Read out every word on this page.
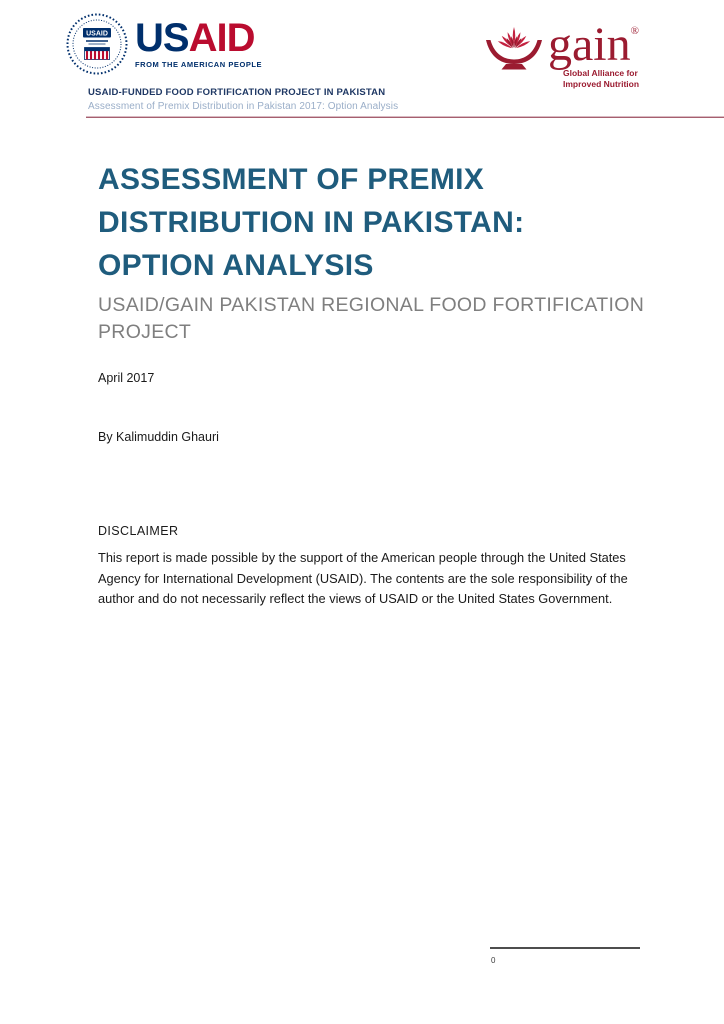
USAID USAID
FROM THE AMERICAN PEOPLE	gain®
Global Alliance for
Improved Nutrition
USAID-FUNDED FOOD FORTIFICATION PROJECT IN PAKISTAN
Assessment of Premix Distribution in Pakistan 2017: Option Analysis
ASSESSMENT OF PREMIX
DISTRIBUTION IN PAKISTAN:
OPTION ANALYSIS
USAID/GAIN PAKISTAN REGIONAL FOOD FORTIFICATION
PROJECT
April 2017
By Kalimuddin Ghauri
DISCLAIMER
This report is made possible by the support of the American people through the United States Agency for International Development (USAID). The contents are the sole responsibility of the author and do not necessarily reflect the views of USAID or the United States Government.
0
